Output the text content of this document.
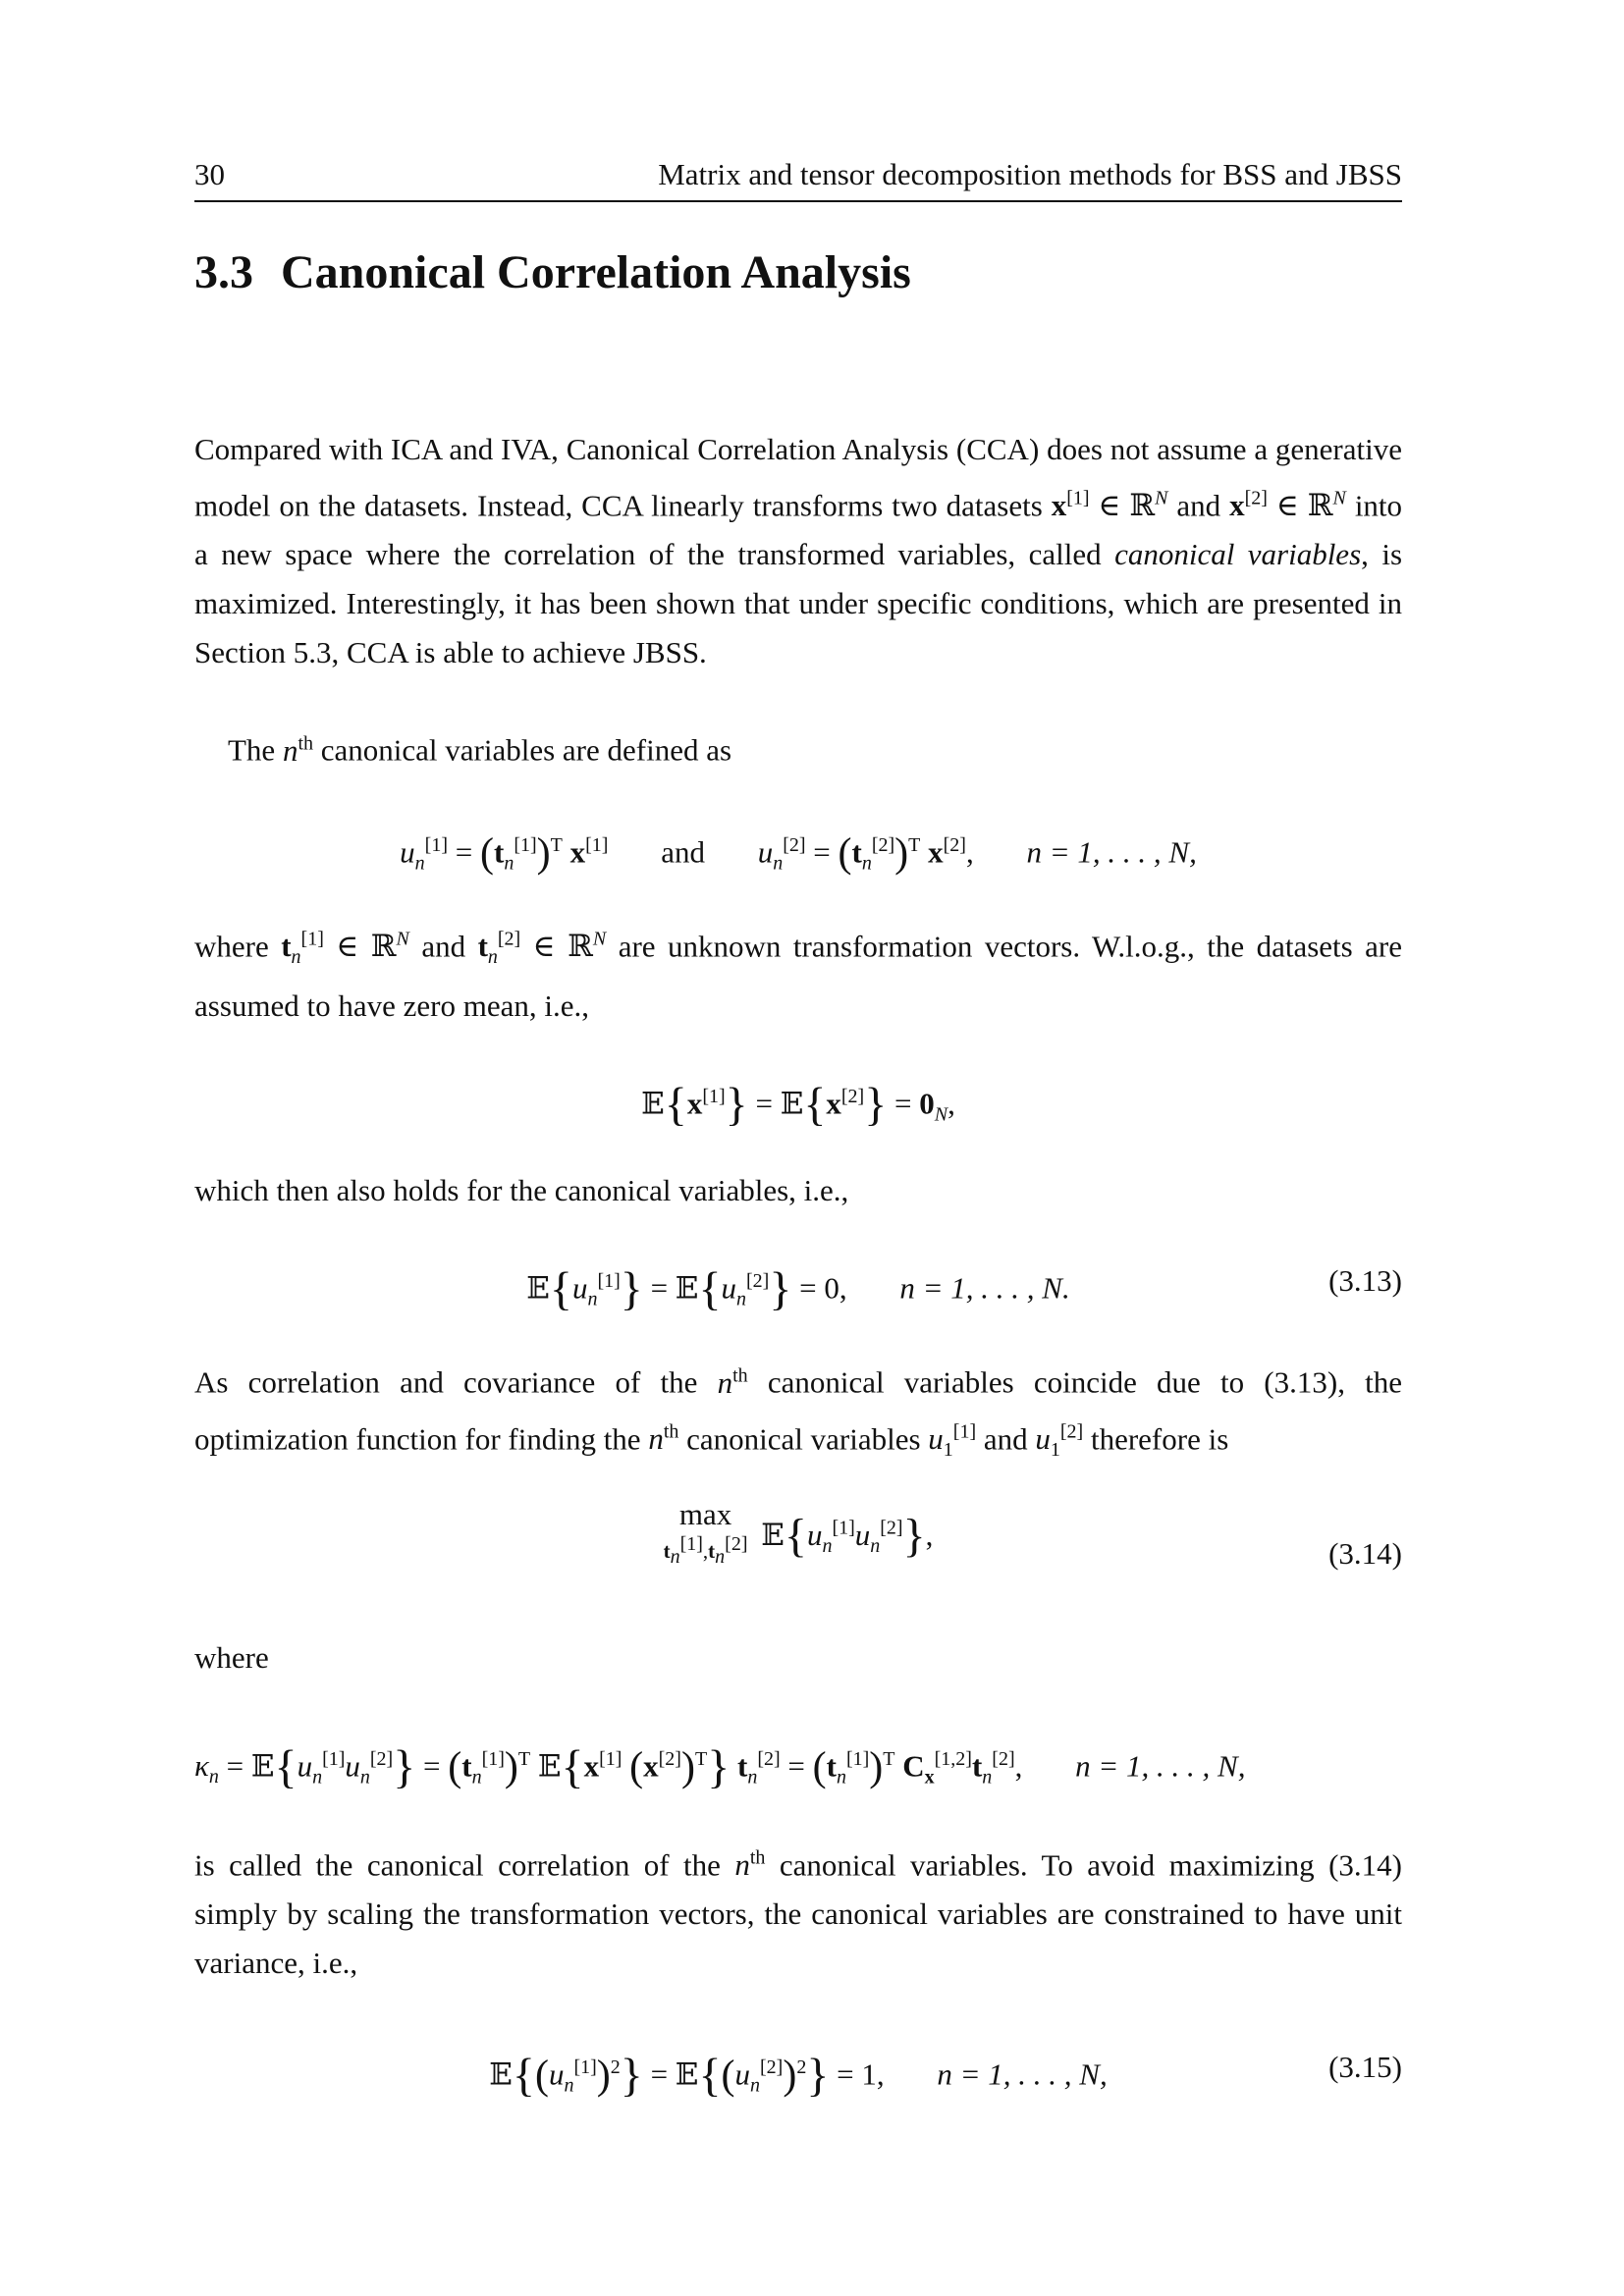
30	Matrix and tensor decomposition methods for BSS and JBSS
3.3 Canonical Correlation Analysis

Compared with ICA and IVA, Canonical Correlation Analysis (CCA) does not assume a generative model on the datasets. Instead, CCA linearly transforms two datasets x[1] ∈ ℝ$^N$ and x[2] ∈ ℝ$^N$ into a new space where the correlation of the transformed variables, called canonical variables, is maximized. Interestingly, it has been shown that under specific conditions, which are presented in Section 5.3, CCA is able to achieve JBSS.

The $n^{th}$ canonical variables are defined as

$u_n[1] = (t_n[1])^T$ x[1] and $u_n[2] = (t_n[2])^T$ x[2], n = 1, . . . , N,

where $t_n[1]$ ∈ ℝ$^N$ and $t_n[2]$ ∈ ℝ$^N$ are unknown transformation vectors. W.l.o.g., the datasets are assumed to have zero mean, i.e.,

𝔼{x[1]} = 𝔼{x[2]} = $0_N$,

which then also holds for the canonical variables, i.e.,

$𝔼\{u_n[1]\}$ = $𝔼\{u_n[2]\} = 0$, n = 1, . . . , N.	(3.13)

As correlation and covariance of the $n^{th}$ canonical variables coincide due to (3.13), the optimization function for finding the $n^{th}$ canonical variables $u_1[1]$ and $u_1[2]$ therefore is

max
$t_n[1],t_n[2]$ $𝔼\{u_n[1]u_n[2]\}$,
(3.14)

where

$\kappa_n$ = $𝔼\{u_n[1]u_n[2]\} = (t_n[1])^T$ 𝔼{x[1] $(x[2])^T$} $t_n[2] = (t_n[1])^T$ $C_x[1,2]t_n[2]$, n = 1, . . . , N,

is called the canonical correlation of the $n^{th}$ canonical variables. To avoid maximizing (3.14) simply by scaling the transformation vectors, the canonical variables are constrained to have unit variance, i.e.,

$𝔼\{(u_n[1])^2\}$ = $𝔼\{(u_n[2])^2\} = 1$, n = 1, . . . , N,	(3.15)
